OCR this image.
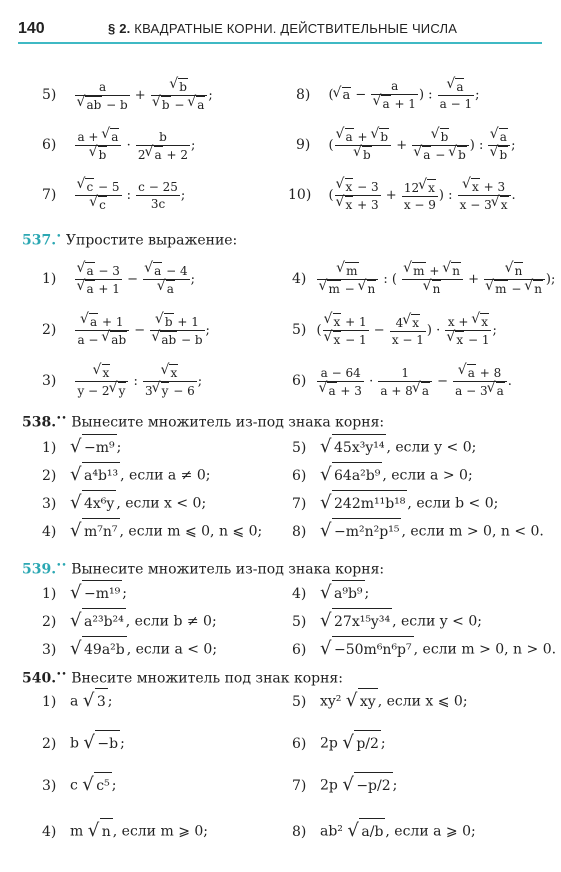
140	§ 2. КВАДРАТНЫЕ КОРНИ. ДЕЙСТВИТЕЛЬНЫЕ ЧИСЛА
5) a
√ ab − b + √ b
√ b − √ a ;
6) a + √ a
√ $b \cdot \frac{b}{2 √ a + 2}$ ;
7) √ c − 5
√ c : $\frac{c - 25}{3c}$ ;
8) ( √ a − a
√ a + 1 ) : √ $\frac{a}{a - 1}$ ;
9) ( √ a + √ b
√ b + √ b
√ a − √ b ) : √ a
√ b ;
10) ( √ x − 3
√ $x + 3 + \frac{12 √ x}{x - 9}$ ) : √ $\frac{x + 3}{x - 3 √ x}$ .
537.• Упростите выражение:
1) √ a − 3
√ a + 1 − √ a − 4
√ a ;
2) √ $\frac{a + 1}{a - √ ab}$ − √ b + 1
√ ab − b ;
3) √ $\frac{x}{y - 2 √ y}$ : √ $\frac{x}{3 √ y - 6}$ ;
4) √ m
√ m − √ n : ( √ m + √ n
√ n + √ n
√ m − √ n );
5) ( √ x + 1
√ $x - 1 - \frac{4 √ x}{x - 1}$ ) · x + √ x
√ x − 1 ;
6) a − 64
√ $a + 3 \cdot \frac{1}{a + 8 √ a}$ − √ $\frac{a + 8}{a - 3 √ a}$ .
538.•• Вынесите множитель из-под знака корня:
1) √ −m⁹ ;
2) √ a⁴b¹³ , если a ≠ 0;
3) √ 4x⁶y , если x < 0;
4) √ m⁷n⁷ , если m ⩽ 0, n ⩽ 0;
5) √ 45x³y¹⁴ , если y < 0;
6) √ 64a²b⁹ , если a > 0;
7) √ 242m¹¹b¹⁸ , если b < 0;
8) √ −m²n²p¹⁵ , если m > 0, n < 0.
539.•• Вынесите множитель из-под знака корня:
1) √ −m¹⁹ ;
2) √ a²³b²⁴ , если b ≠ 0;
3) √ 49a²b , если a < 0;
4) √ a⁹b⁹ ;
5) √ 27x¹⁵y³⁴ , если y < 0;
6) √ −50m⁶n⁶p⁷ , если m > 0, n > 0.
540.•• Внесите множитель под знак корня:
1) a √ 3 ;
2) b √ −b ;
3) c √ c⁵ ;
4) m √ n , если m ⩾ 0;
5) xy² √ xy , если x ⩽ 0;
6) 2p √ p/2 ;
7) 2p √ −p/2 ;
8) ab² √ a/b , если a ⩾ 0;
